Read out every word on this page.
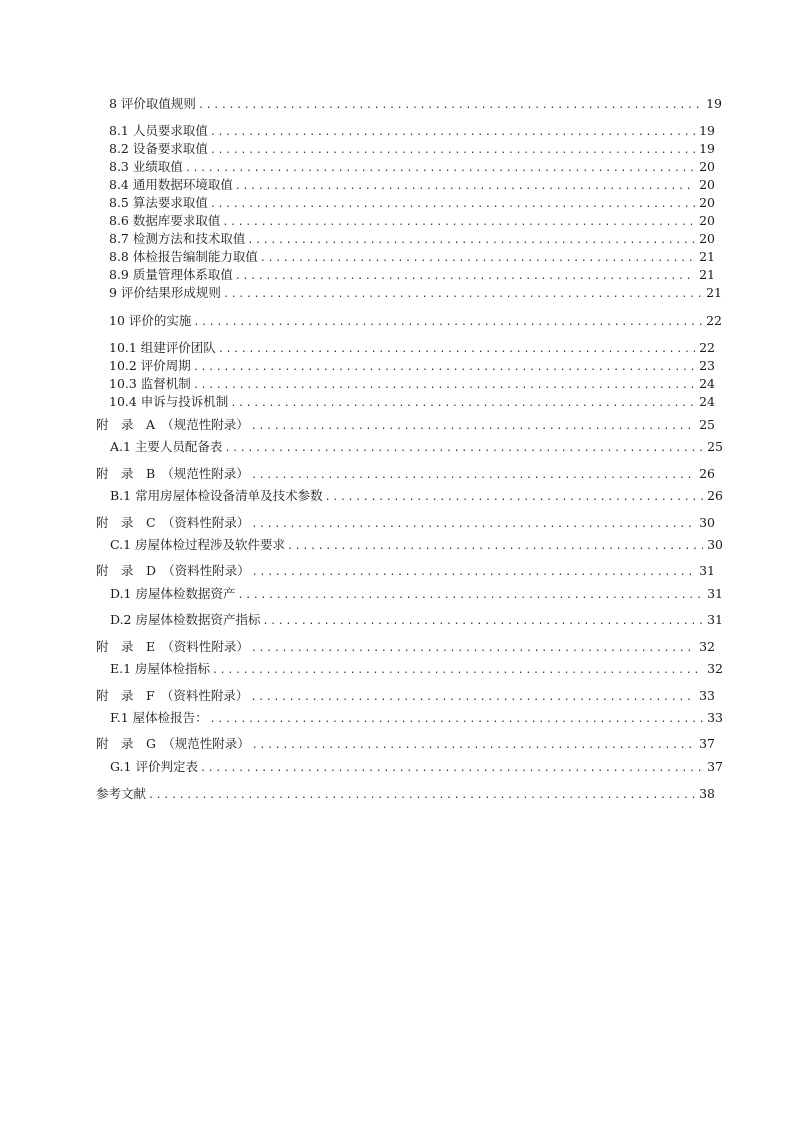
8 评价取值规则 . . .	19
8.1 人员要求取值 . . .	19
8.2 设备要求取值 . . .	19
8.3 业绩取值 . . .	20
8.4 通用数据环境取值 . . .	20
8.5 算法要求取值 . . .	20
8.6 数据库要求取值 . . .	20
8.7 检测方法和技术取值 . . .	20
8.8 体检报告编制能力取值 . . .	21
8.9 质量管理体系取值 . . .	21
9 评价结果形成规则 . . .	21
10 评价的实施 . . .	22
10.1 组建评价团队 . . .	22
10.2 评价周期 . . .	23
10.3 监督机制 . . .	24
10.4 申诉与投诉机制 . . .	24
附　录　A　（规范性附录） . . .	25
A.1 主要人员配备表 . . .	25
附　录　B　（规范性附录） . . .	26
B.1 常用房屋体检设备清单及技术参数 . . .	26
附　录　C　（资料性附录） . . .	30
C.1 房屋体检过程涉及软件要求 . . .	30
附　录　D　（资料性附录） . . .	31
D.1 房屋体检数据资产 . . .	31
D.2 房屋体检数据资产指标 . . .	31
附　录　E　（资料性附录） . . .	32
E.1 房屋体检指标 . . .	32
附　录　F　（资料性附录） . . .	33
F.1 屋体检报告： . . .	33
附　录　G　（规范性附录） . . .	37
G.1 评价判定表 . . .	37
参考文献 . . .	38
